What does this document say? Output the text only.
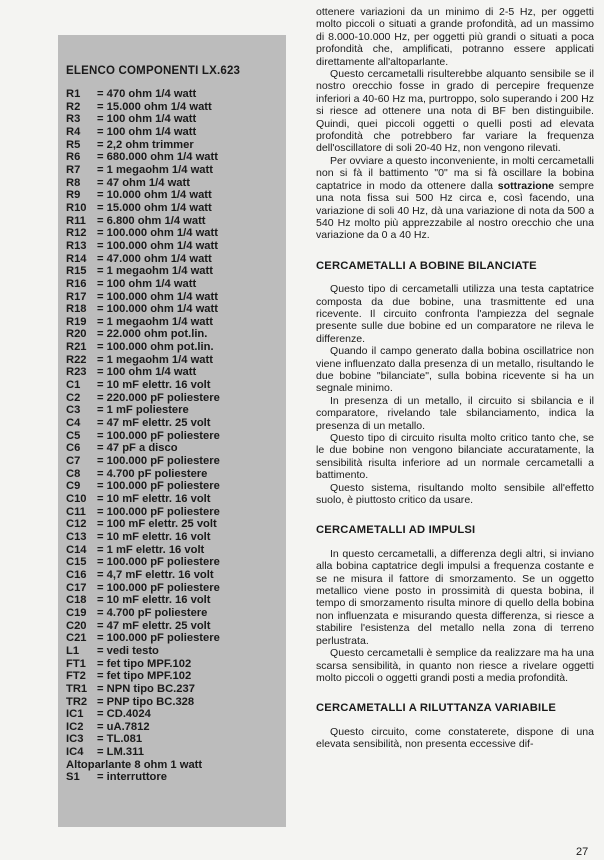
ELENCO COMPONENTI LX.623
R1 = 470 ohm 1/4 watt
R2 = 15.000 ohm 1/4 watt
R3 = 100 ohm 1/4 watt
R4 = 100 ohm 1/4 watt
R5 = 2,2 ohm trimmer
R6 = 680.000 ohm 1/4 watt
R7 = 1 megaohm 1/4 watt
R8 = 47 ohm 1/4 watt
R9 = 10.000 ohm 1/4 watt
R10 = 15.000 ohm 1/4 watt
R11 = 6.800 ohm 1/4 watt
R12 = 100.000 ohm 1/4 watt
R13 = 100.000 ohm 1/4 watt
R14 = 47.000 ohm 1/4 watt
R15 = 1 megaohm 1/4 watt
R16 = 100 ohm 1/4 watt
R17 = 100.000 ohm 1/4 watt
R18 = 100.000 ohm 1/4 watt
R19 = 1 megaohm 1/4 watt
R20 = 22.000 ohm pot.lin.
R21 = 100.000 ohm pot.lin.
R22 = 1 megaohm 1/4 watt
R23 = 100 ohm 1/4 watt
C1 = 10 mF elettr. 16 volt
C2 = 220.000 pF poliestere
C3 = 1 mF poliestere
C4 = 47 mF elettr. 25 volt
C5 = 100.000 pF poliestere
C6 = 47 pF a disco
C7 = 100.000 pF poliestere
C8 = 4.700 pF poliestere
C9 = 100.000 pF poliestere
C10 = 10 mF elettr. 16 volt
C11 = 100.000 pF poliestere
C12 = 100 mF elettr. 25 volt
C13 = 10 mF elettr. 16 volt
C14 = 1 mF elettr. 16 volt
C15 = 100.000 pF poliestere
C16 = 4,7 mF elettr. 16 volt
C17 = 100.000 pF poliestere
C18 = 10 mF elettr. 16 volt
C19 = 4.700 pF poliestere
C20 = 47 mF elettr. 25 volt
C21 = 100.000 pF poliestere
L1 = vedi testo
FT1 = fet tipo MPF.102
FT2 = fet tipo MPF.102
TR1 = NPN tipo BC.237
TR2 = PNP tipo BC.328
IC1 = CD.4024
IC2 = uA.7812
IC3 = TL.081
IC4 = LM.311
Altoparlante 8 ohm 1 watt
S1 = interruttore

ottenere variazioni da un minimo di 2-5 Hz, per oggetti molto piccoli o situati a grande profondità, ad un massimo di 8.000-10.000 Hz, per oggetti più grandi o situati a poca profondità che, amplificati, potranno essere applicati direttamente all'altoparlante.

Questo cercametalli risulterebbe alquanto sensibile se il nostro orecchio fosse in grado di percepire frequenze inferiori a 40-60 Hz ma, purtroppo, solo superando i 200 Hz si riesce ad ottenere una nota di BF ben distinguibile. Quindi, quei piccoli oggetti o quelli posti ad elevata profondità che potrebbero far variare la frequenza dell'oscillatore di soli 20-40 Hz, non vengono rilevati.

Per ovviare a questo inconveniente, in molti cercametalli non si fà il battimento "0" ma si fà oscillare la bobina captatrice in modo da ottenere dalla sottrazione sempre una nota fissa sui 500 Hz circa e, così facendo, una variazione di soli 40 Hz, dà una variazione di nota da 500 a 540 Hz molto più apprezzabile al nostro orecchio che una variazione da 0 a 40 Hz.

CERCAMETALLI A BOBINE BILANCIATE

Questo tipo di cercametalli utilizza una testa captatrice composta da due bobine, una trasmittente ed una ricevente. Il circuito confronta l'ampiezza del segnale presente sulle due bobine ed un comparatore ne rileva le differenze.

Quando il campo generato dalla bobina oscillatrice non viene influenzato dalla presenza di un metallo, risultando le due bobine "bilanciate", sulla bobina ricevente si ha un segnale minimo.

In presenza di un metallo, il circuito si sbilancia e il comparatore, rivelando tale sbilanciamento, indica la presenza di un metallo.

Questo tipo di circuito risulta molto critico tanto che, se le due bobine non vengono bilanciate accuratamente, la sensibilità risulta inferiore ad un normale cercametalli a battimento.

Questo sistema, risultando molto sensibile all'effetto suolo, è piuttosto critico da usare.

CERCAMETALLI AD IMPULSI

In questo cercametalli, a differenza degli altri, si inviano alla bobina captatrice degli impulsi a frequenza costante e se ne misura il fattore di smorzamento. Se un oggetto metallico viene posto in prossimità di questa bobina, il tempo di smorzamento risulta minore di quello della bobina non influenzata e misurando questa differenza, si riesce a stabilire l'esistenza del metallo nella zona di terreno perlustrata.

Questo cercametalli è semplice da realizzare ma ha una scarsa sensibilità, in quanto non riesce a rivelare oggetti molto piccoli o oggetti grandi posti a media profondità.

CERCAMETALLI A RILUTTANZA VARIABILE

Questo circuito, come constaterete, dispone di una elevata sensibilità, non presenta eccessive dif-

27
